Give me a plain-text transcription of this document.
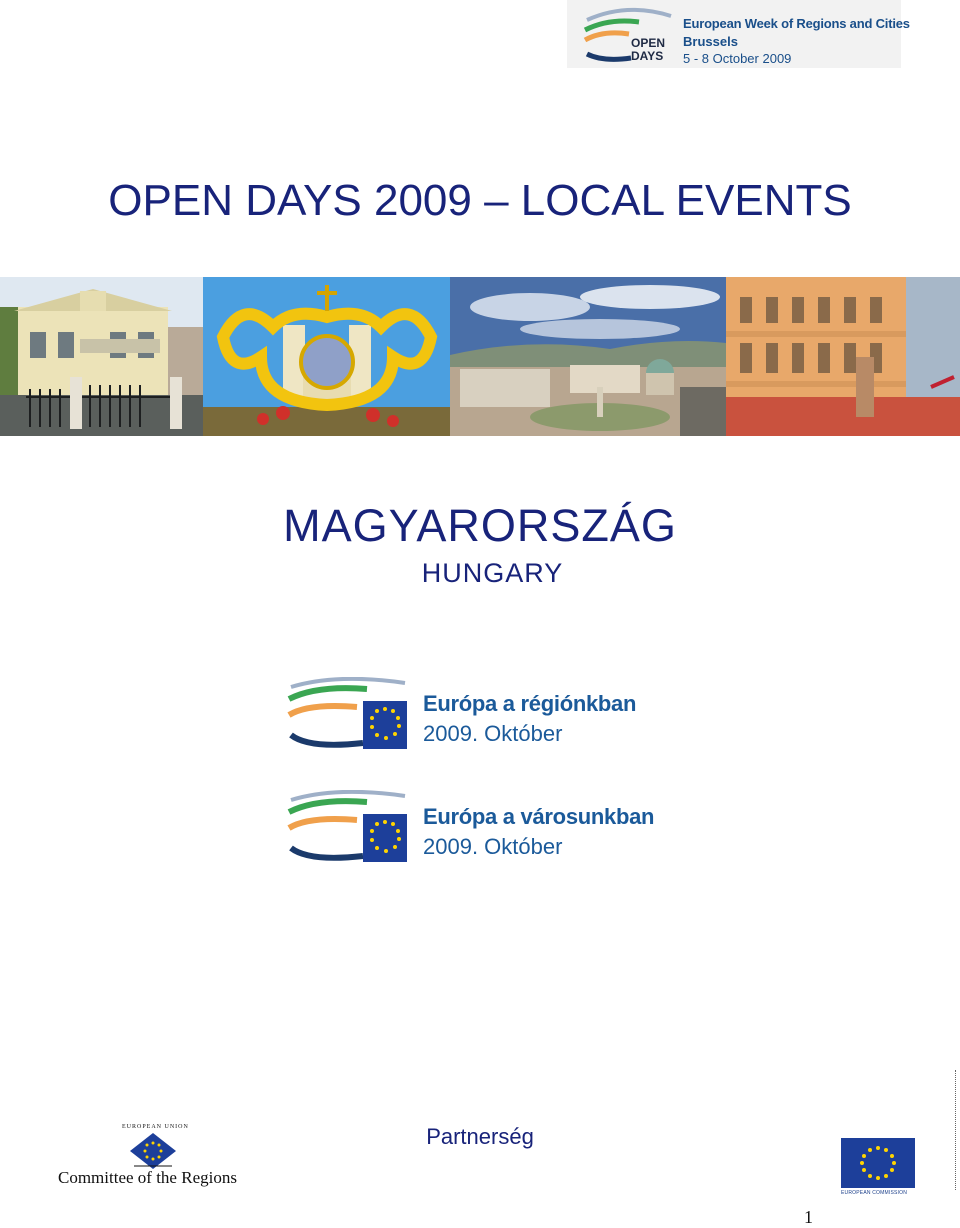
OPEN
DAYS
European Week of Regions and Cities
Brussels
5 - 8 October 2009
OPEN DAYS 2009 – LOCAL EVENTS
MAGYARORSZÁG
HUNGARY
Európa a régiónkban
2009. Október
Európa a városunkban
2009. Október
EUROPEAN UNION
Committee of the Regions
Partnerség
EUROPEAN COMMISSION
1
